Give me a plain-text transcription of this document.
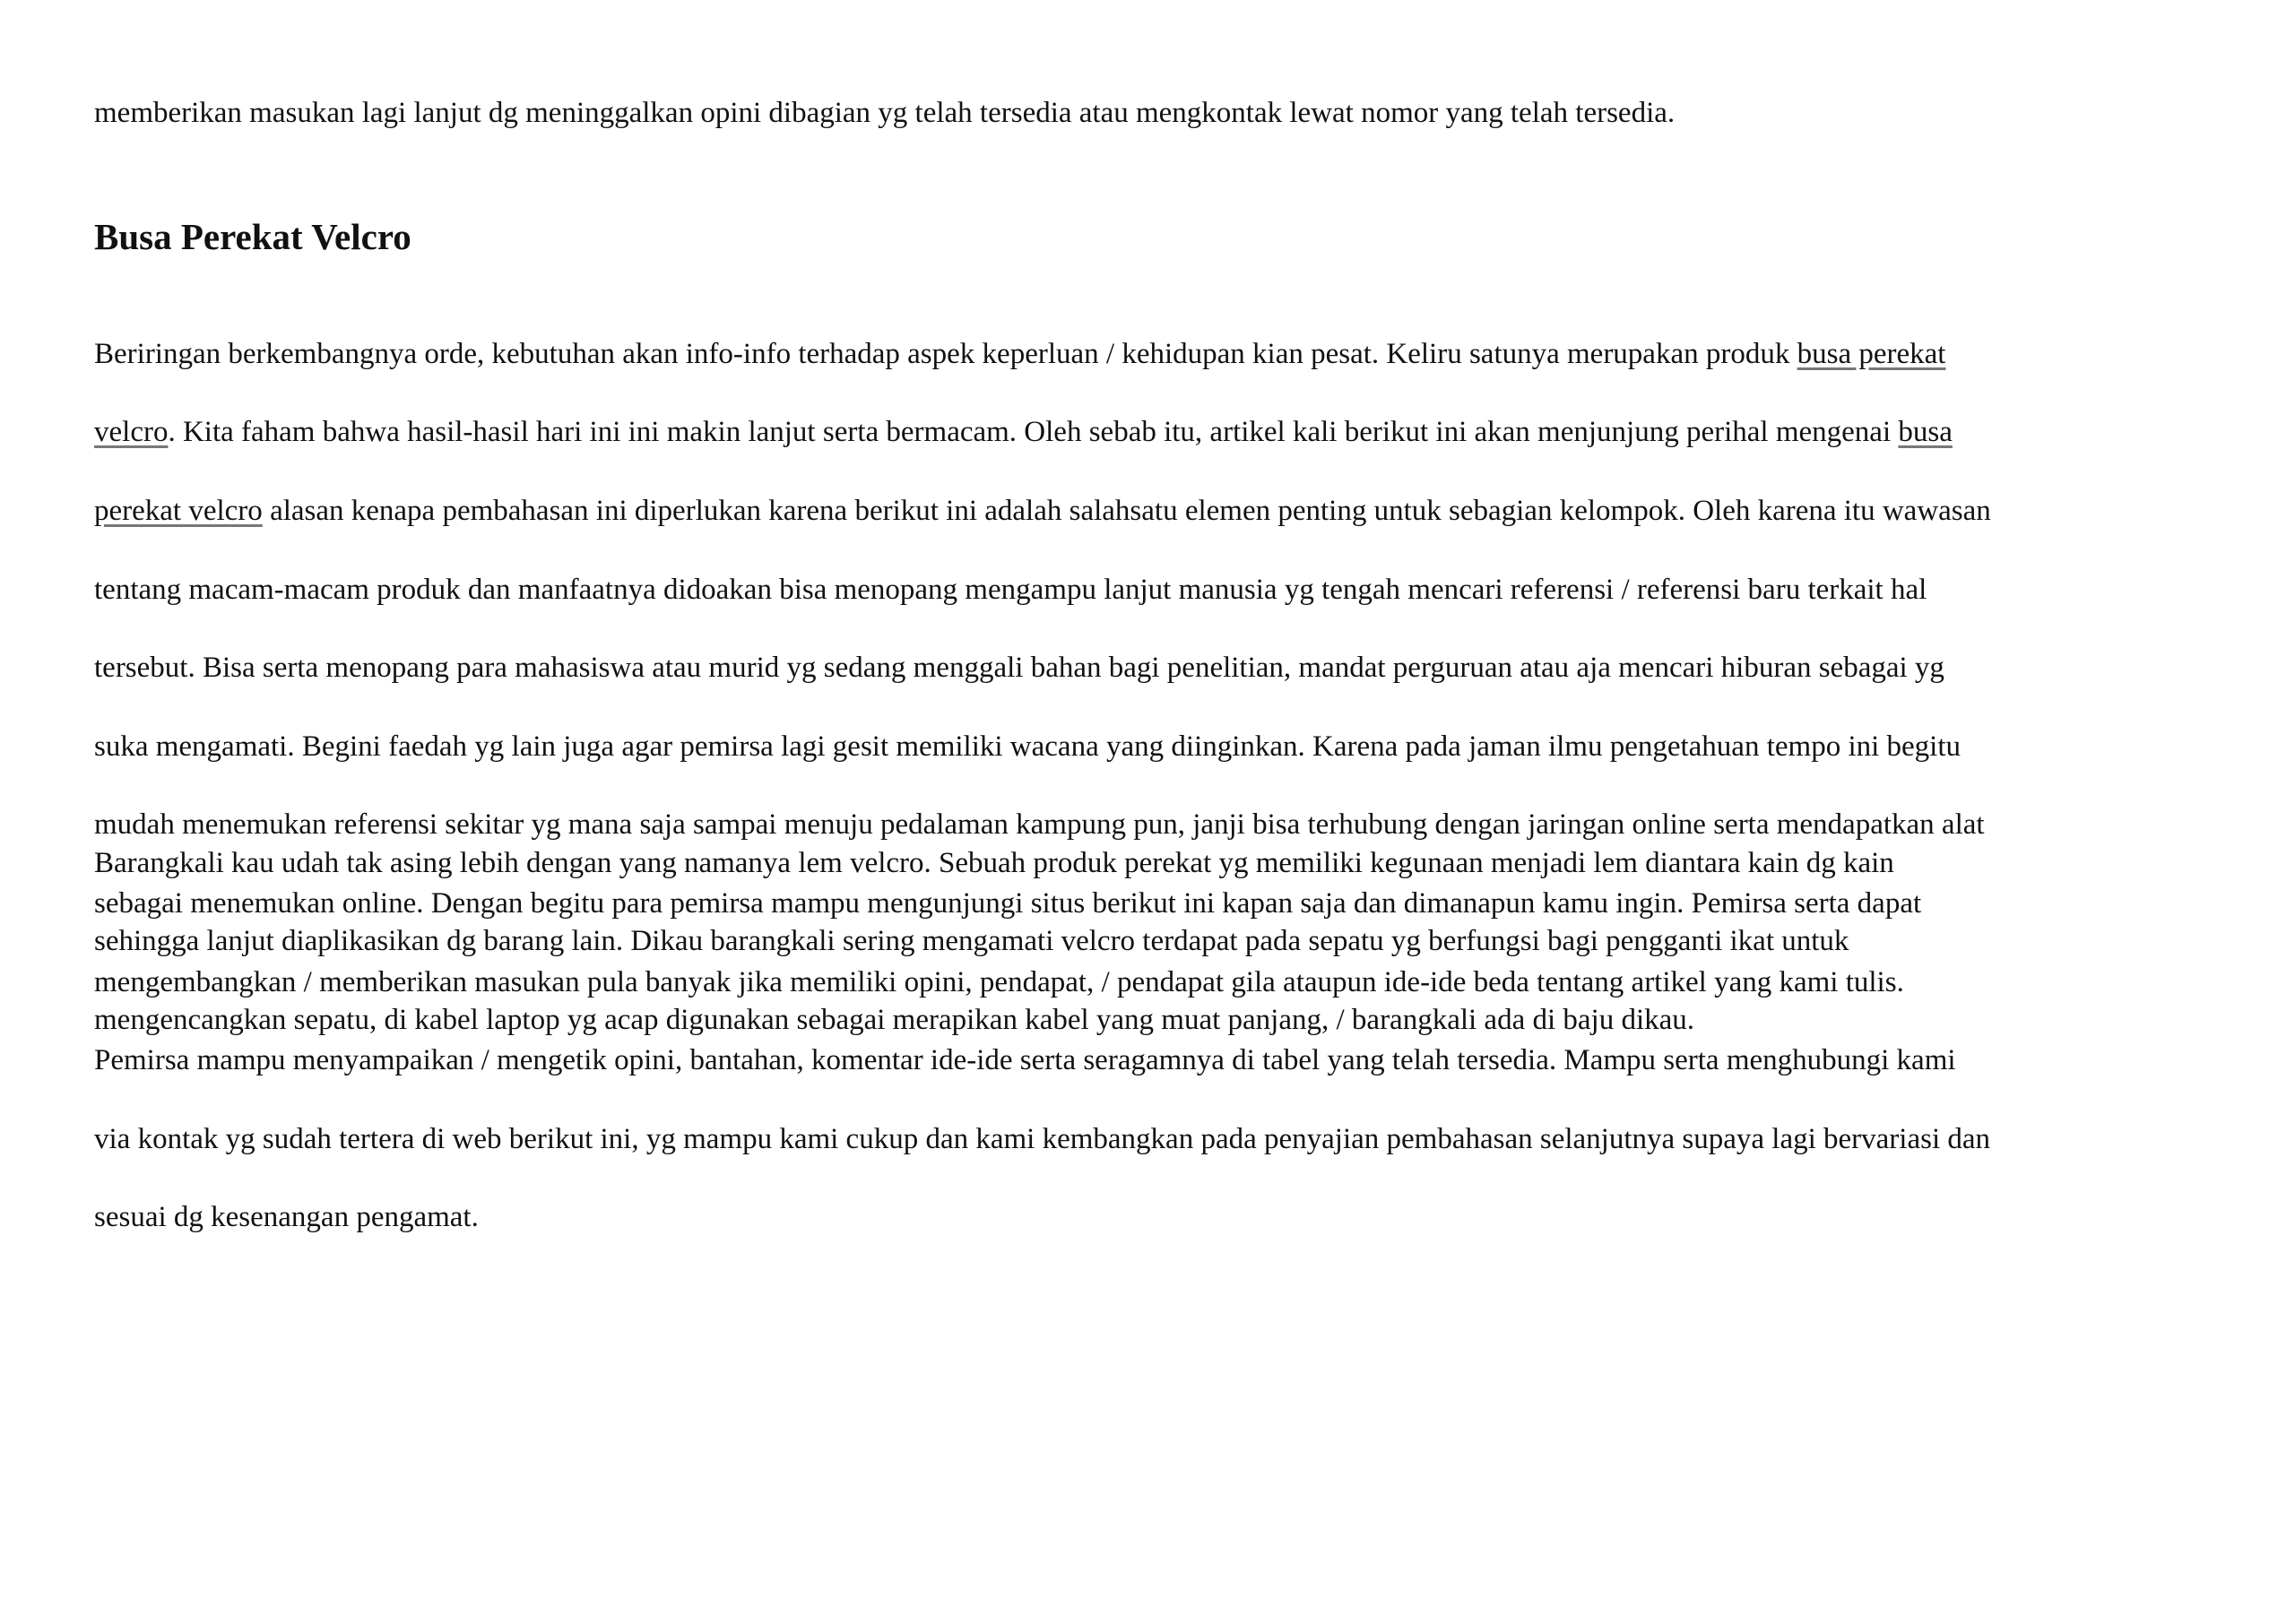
memberikan masukan lagi lanjut dg meninggalkan opini dibagian yg telah tersedia atau mengkontak lewat nomor yang telah tersedia.

Busa Perekat Velcro

Beriringan berkembangnya orde, kebutuhan akan info-info terhadap aspek keperluan / kehidupan kian pesat. Keliru satunya merupakan produk busa perekat

velcro. Kita faham bahwa hasil-hasil hari ini ini makin lanjut serta bermacam. Oleh sebab itu, artikel kali berikut ini akan menjunjung perihal mengenai busa

perekat velcro alasan kenapa pembahasan ini diperlukan karena berikut ini adalah salahsatu elemen penting untuk sebagian kelompok. Oleh karena itu wawasan

tentang macam-macam produk dan manfaatnya didoakan bisa menopang mengampu lanjut manusia yg tengah mencari referensi / referensi baru terkait hal

tersebut. Bisa serta menopang para mahasiswa atau murid yg sedang menggali bahan bagi penelitian, mandat perguruan atau aja mencari hiburan sebagai yg

suka mengamati. Begini faedah yg lain juga agar pemirsa lagi gesit memiliki wacana yang diinginkan. Karena pada jaman ilmu pengetahuan tempo ini begitu

mudah menemukan referensi sekitar yg mana saja sampai menuju pedalaman kampung pun, janji bisa terhubung dengan jaringan online serta mendapatkan alat

sebagai menemukan online. Dengan begitu para pemirsa mampu mengunjungi situs berikut ini kapan saja dan dimanapun kamu ingin. Pemirsa serta dapat

mengembangkan / memberikan masukan pula banyak jika memiliki opini, pendapat, / pendapat gila ataupun ide-ide beda tentang artikel yang kami tulis.

Pemirsa mampu menyampaikan / mengetik opini, bantahan, komentar ide-ide serta seragamnya di tabel yang telah tersedia. Mampu serta menghubungi kami

via kontak yg sudah tertera di web berikut ini, yg mampu kami cukup dan kami kembangkan pada penyajian pembahasan selanjutnya supaya lagi bervariasi dan

sesuai dg kesenangan pengamat.

Barangkali kau udah tak asing lebih dengan yang namanya lem velcro. Sebuah produk perekat yg memiliki kegunaan menjadi lem diantara kain dg kain

sehingga lanjut diaplikasikan dg barang lain. Dikau barangkali sering mengamati velcro terdapat pada sepatu yg berfungsi bagi pengganti ikat untuk

mengencangkan sepatu, di kabel laptop yg acap digunakan sebagai merapikan kabel yang muat panjang, / barangkali ada di baju dikau.
